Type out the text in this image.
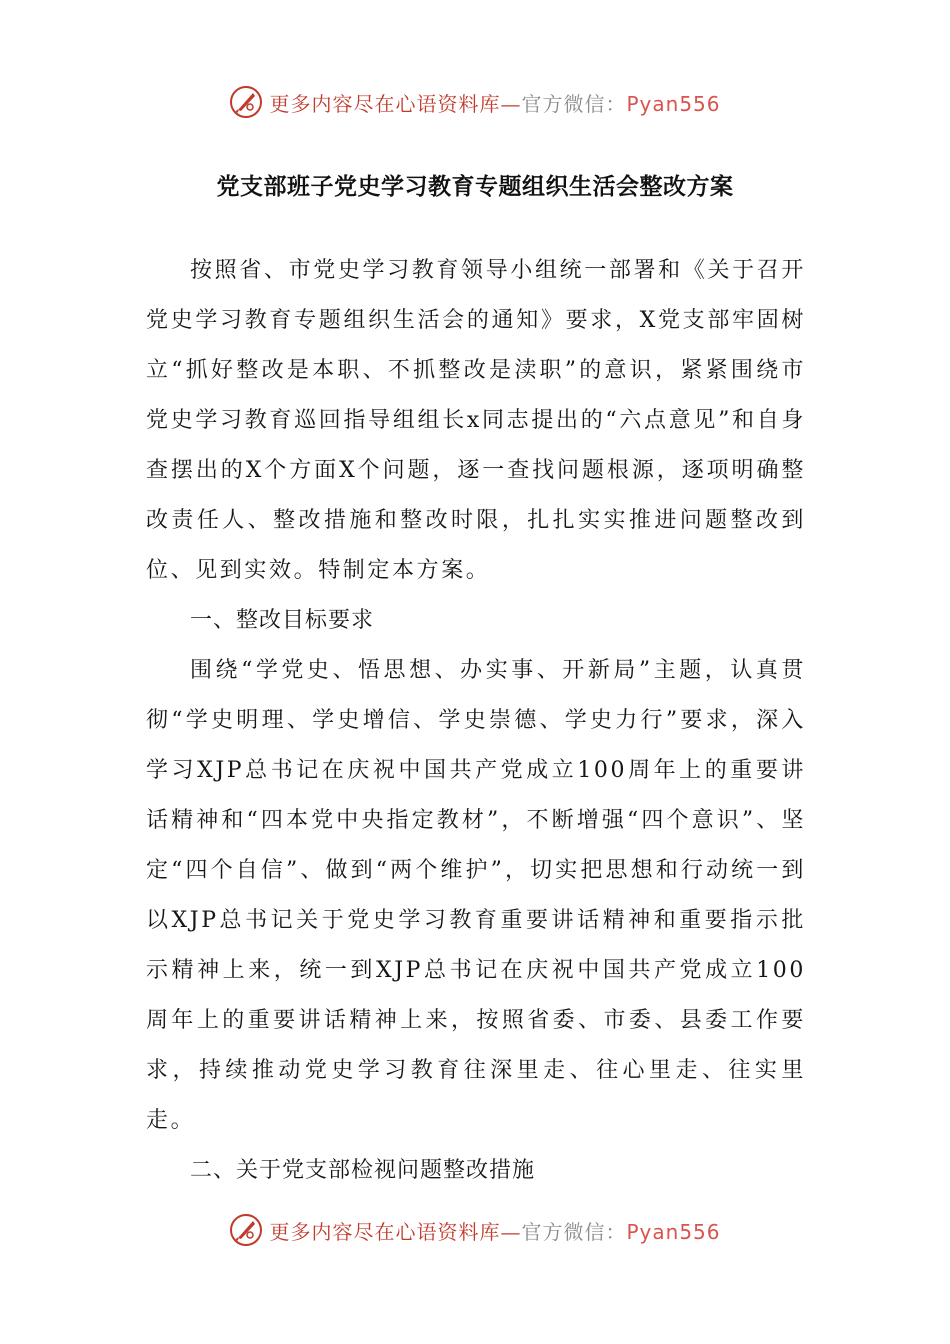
更多内容尽在心语资料库—官方微信：Pyan556
党支部班子党史学习教育专题组织生活会整改方案

按照省、市党史学习教育领导小组统一部署和《关于召开党史学习教育专题组织生活会的通知》要求，X党支部牢固树立“抓好整改是本职、不抓整改是渎职”的意识，紧紧围绕市党史学习教育巡回指导组组长x同志提出的“六点意见”和自身查摆出的X个方面X个问题，逐一查找问题根源，逐项明确整改责任人、整改措施和整改时限，扎扎实实推进问题整改到位、见到实效。特制定本方案。

一、整改目标要求

围绕“学党史、悟思想、办实事、开新局”主题，认真贯彻“学史明理、学史增信、学史崇德、学史力行”要求，深入学习XJP总书记在庆祝中国共产党成立100周年上的重要讲话精神和“四本党中央指定教材”，不断增强“四个意识”、坚定“四个自信”、做到“两个维护”，切实把思想和行动统一到以XJP总书记关于党史学习教育重要讲话精神和重要指示批示精神上来，统一到XJP总书记在庆祝中国共产党成立100周年上的重要讲话精神上来，按照省委、市委、县委工作要求，持续推动党史学习教育往深里走、往心里走、往实里走。

二、关于党支部检视问题整改措施

更多内容尽在心语资料库—官方微信：Pyan556
